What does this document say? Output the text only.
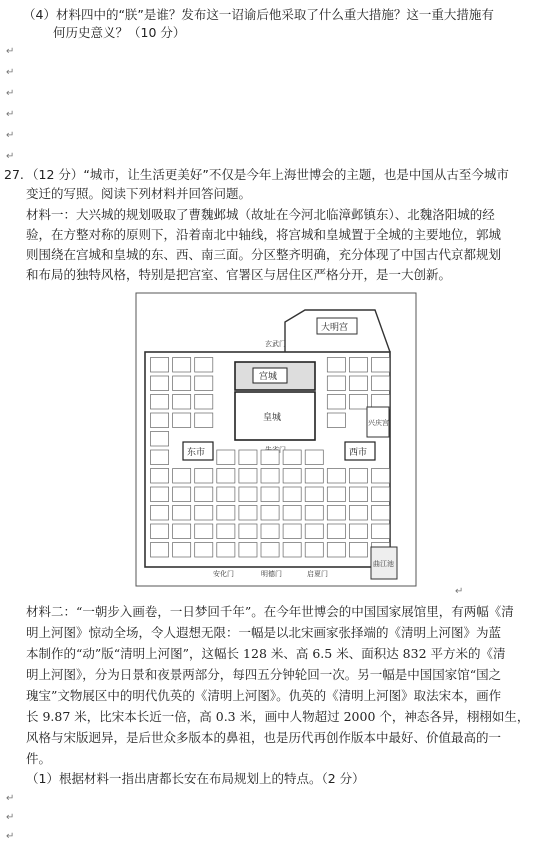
（4）材料四中的“朕”是谁？发布这一诏谕后他采取了什么重大措施？这一重大措施有
何历史意义？（10 分）
↵
↵
↵
↵
↵
↵
27. （12 分）“城市，让生活更美好”不仅是今年上海世博会的主题，也是中国从古至今城市
变迁的写照。阅读下列材料并回答问题。
材料一：大兴城的规划吸取了曹魏邺城（故址在今河北临漳邺镇东）、北魏洛阳城的经
验，在方整对称的原则下，沿着南北中轴线，将宫城和皇城置于全城的主要地位，郭城
则围绕在宫城和皇城的东、西、南三面。分区整齐明确，充分体现了中国古代京都规划
和布局的独特风格，特别是把宫室、官署区与居住区严格分开，是一大创新。
大明宫
玄武门
宫城
皇城
东市	西市
兴庆宫
安化门	明德门	启夏门
曲江池
↵
材料二：“一朝步入画卷，一日梦回千年”。在今年世博会的中国国家展馆里，有两幅《清
明上河图》惊动全场，令人遐想无限：一幅是以北宋画家张择端的《清明上河图》为蓝
本制作的“动”版“清明上河图”，这幅长 128 米、高 6.5 米、面积达 832 平方米的《清
明上河图》，分为日景和夜景两部分，每四五分钟轮回一次。另一幅是中国国家馆“国之
瑰宝”文物展区中的明代仇英的《清明上河图》。仇英的《清明上河图》取法宋本，画作
长 9.87 米，比宋本长近一倍，高 0.3 米，画中人物超过 2000 个，神态各异，栩栩如生，
风格与宋版迥异，是后世众多版本的鼻祖，也是历代再创作版本中最好、价值最高的一
件。
（1）根据材料一指出唐都长安在布局规划上的特点。（2 分）
↵
↵
↵
